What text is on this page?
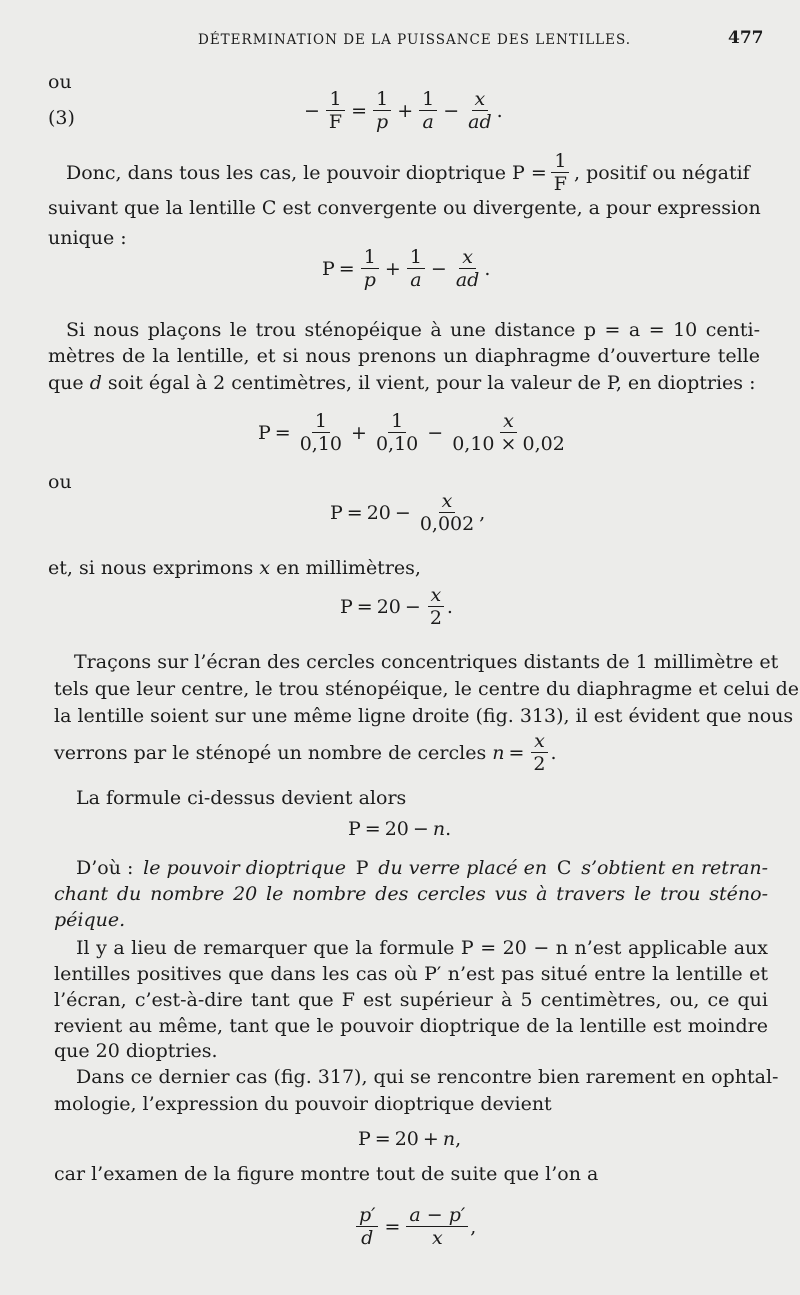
DÉTERMINATION DE LA PUISSANCE DES LENTILLES.	477
ou
(3)	− $\frac{1}{F} = \frac{1}{p} + \frac{1}{a} - \frac{x}{ad}$ .
Donc, dans tous les cas, le pouvoir dioptrique $P = \frac{1}{F}$ , positif ou négatif
suivant que la lentille C est convergente ou divergente, a pour expression
unique :
$P = \frac{1}{p} + \frac{1}{a} - \frac{x}{ad}$ .
Si nous plaçons le trou sténopéique à une distance p = a = 10 centi-
mètres de la lentille, et si nous prenons un diaphragme d’ouverture telle
que d soit égal à 2 centimètres, il vient, pour la valeur de P, en dioptries :
$P = \frac{1}{0,10} + \frac{1}{0,10} - \frac{x}{0,10 \times 0,02}$
ou
$P = 20 - \frac{x}{0,002}$ ,
et, si nous exprimons x en millimètres,
$P = 20 - \frac{x}{2}$ .
Traçons sur l’écran des cercles concentriques distants de 1 millimètre et
tels que leur centre, le trou sténopéique, le centre du diaphragme et celui de
la lentille soient sur une même ligne droite (fig. 313), il est évident que nous
verrons par le sténopé un nombre de cercles
$n = \frac{x}{2}$ .
La formule ci-dessus devient alors
P = 20 − n .
D’où : le pouvoir dioptrique P du verre placé en C s’obtient en retran-
chant du nombre 20 le nombre des cercles vus à travers le trou sténo-
péique.
Il y a lieu de remarquer que la formule P = 20 − n n’est applicable aux
lentilles positives que dans les cas où P′ n’est pas situé entre la lentille et
l’écran, c’est-à-dire tant que F est supérieur à 5 centimètres, ou, ce qui
revient au même, tant que le pouvoir dioptrique de la lentille est moindre
que 20 dioptries.
Dans ce dernier cas (fig. 317), qui se rencontre bien rarement en ophtal-
mologie, l’expression du pouvoir dioptrique devient
P = 20 + n ,
car l’examen de la figure montre tout de suite que l’on a
$\frac{p'}{d} = \frac{a - p'}{x}$ ,
